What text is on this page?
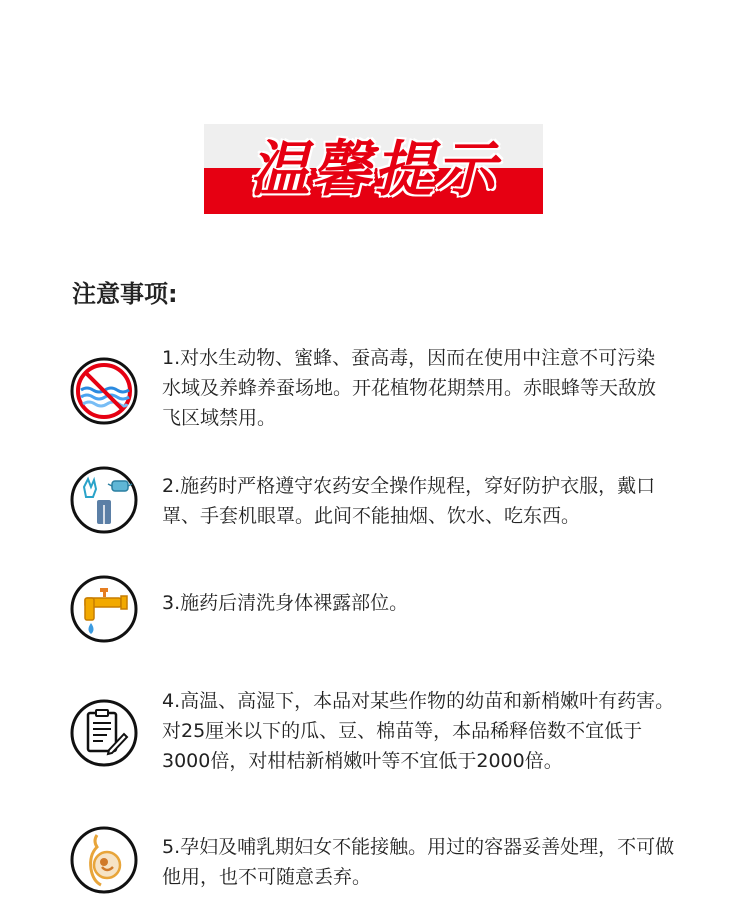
温馨提示
注意事项:
1.对水生动物、蜜蜂、蚕高毒，因而在使用中注意不可污染
水域及养蜂养蚕场地。开花植物花期禁用。赤眼蜂等天敌放
飞区域禁用。
2.施药时严格遵守农药安全操作规程，穿好防护衣服，戴口
罩、手套机眼罩。此间不能抽烟、饮水、吃东西。
3.施药后清洗身体裸露部位。
4.高温、高湿下，本品对某些作物的幼苗和新梢嫩叶有药害。
对25厘米以下的瓜、豆、棉苗等，本品稀释倍数不宜低于
3000倍，对柑桔新梢嫩叶等不宜低于2000倍。
5.孕妇及哺乳期妇女不能接触。用过的容器妥善处理，不可做
他用，也不可随意丢弃。
